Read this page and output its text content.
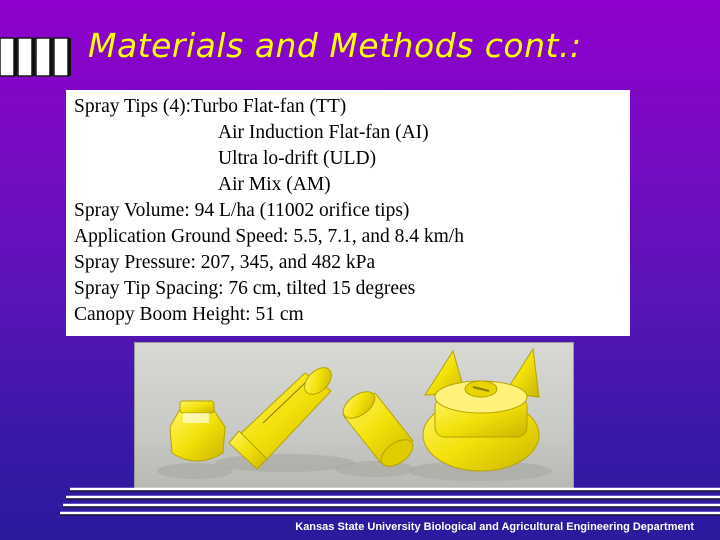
Materials and Methods cont.:
Spray Tips (4):Turbo Flat-fan (TT)
Air Induction Flat-fan (AI)
Ultra lo-drift (ULD)
Air Mix (AM)
Spray Volume: 94 L/ha (11002 orifice tips)
Application Ground Speed: 5.5, 7.1, and 8.4 km/h
Spray Pressure: 207, 345, and 482 kPa
Spray Tip Spacing: 76 cm, tilted 15 degrees
Canopy Boom Height: 51 cm
Kansas State University Biological and Agricultural Engineering Department
